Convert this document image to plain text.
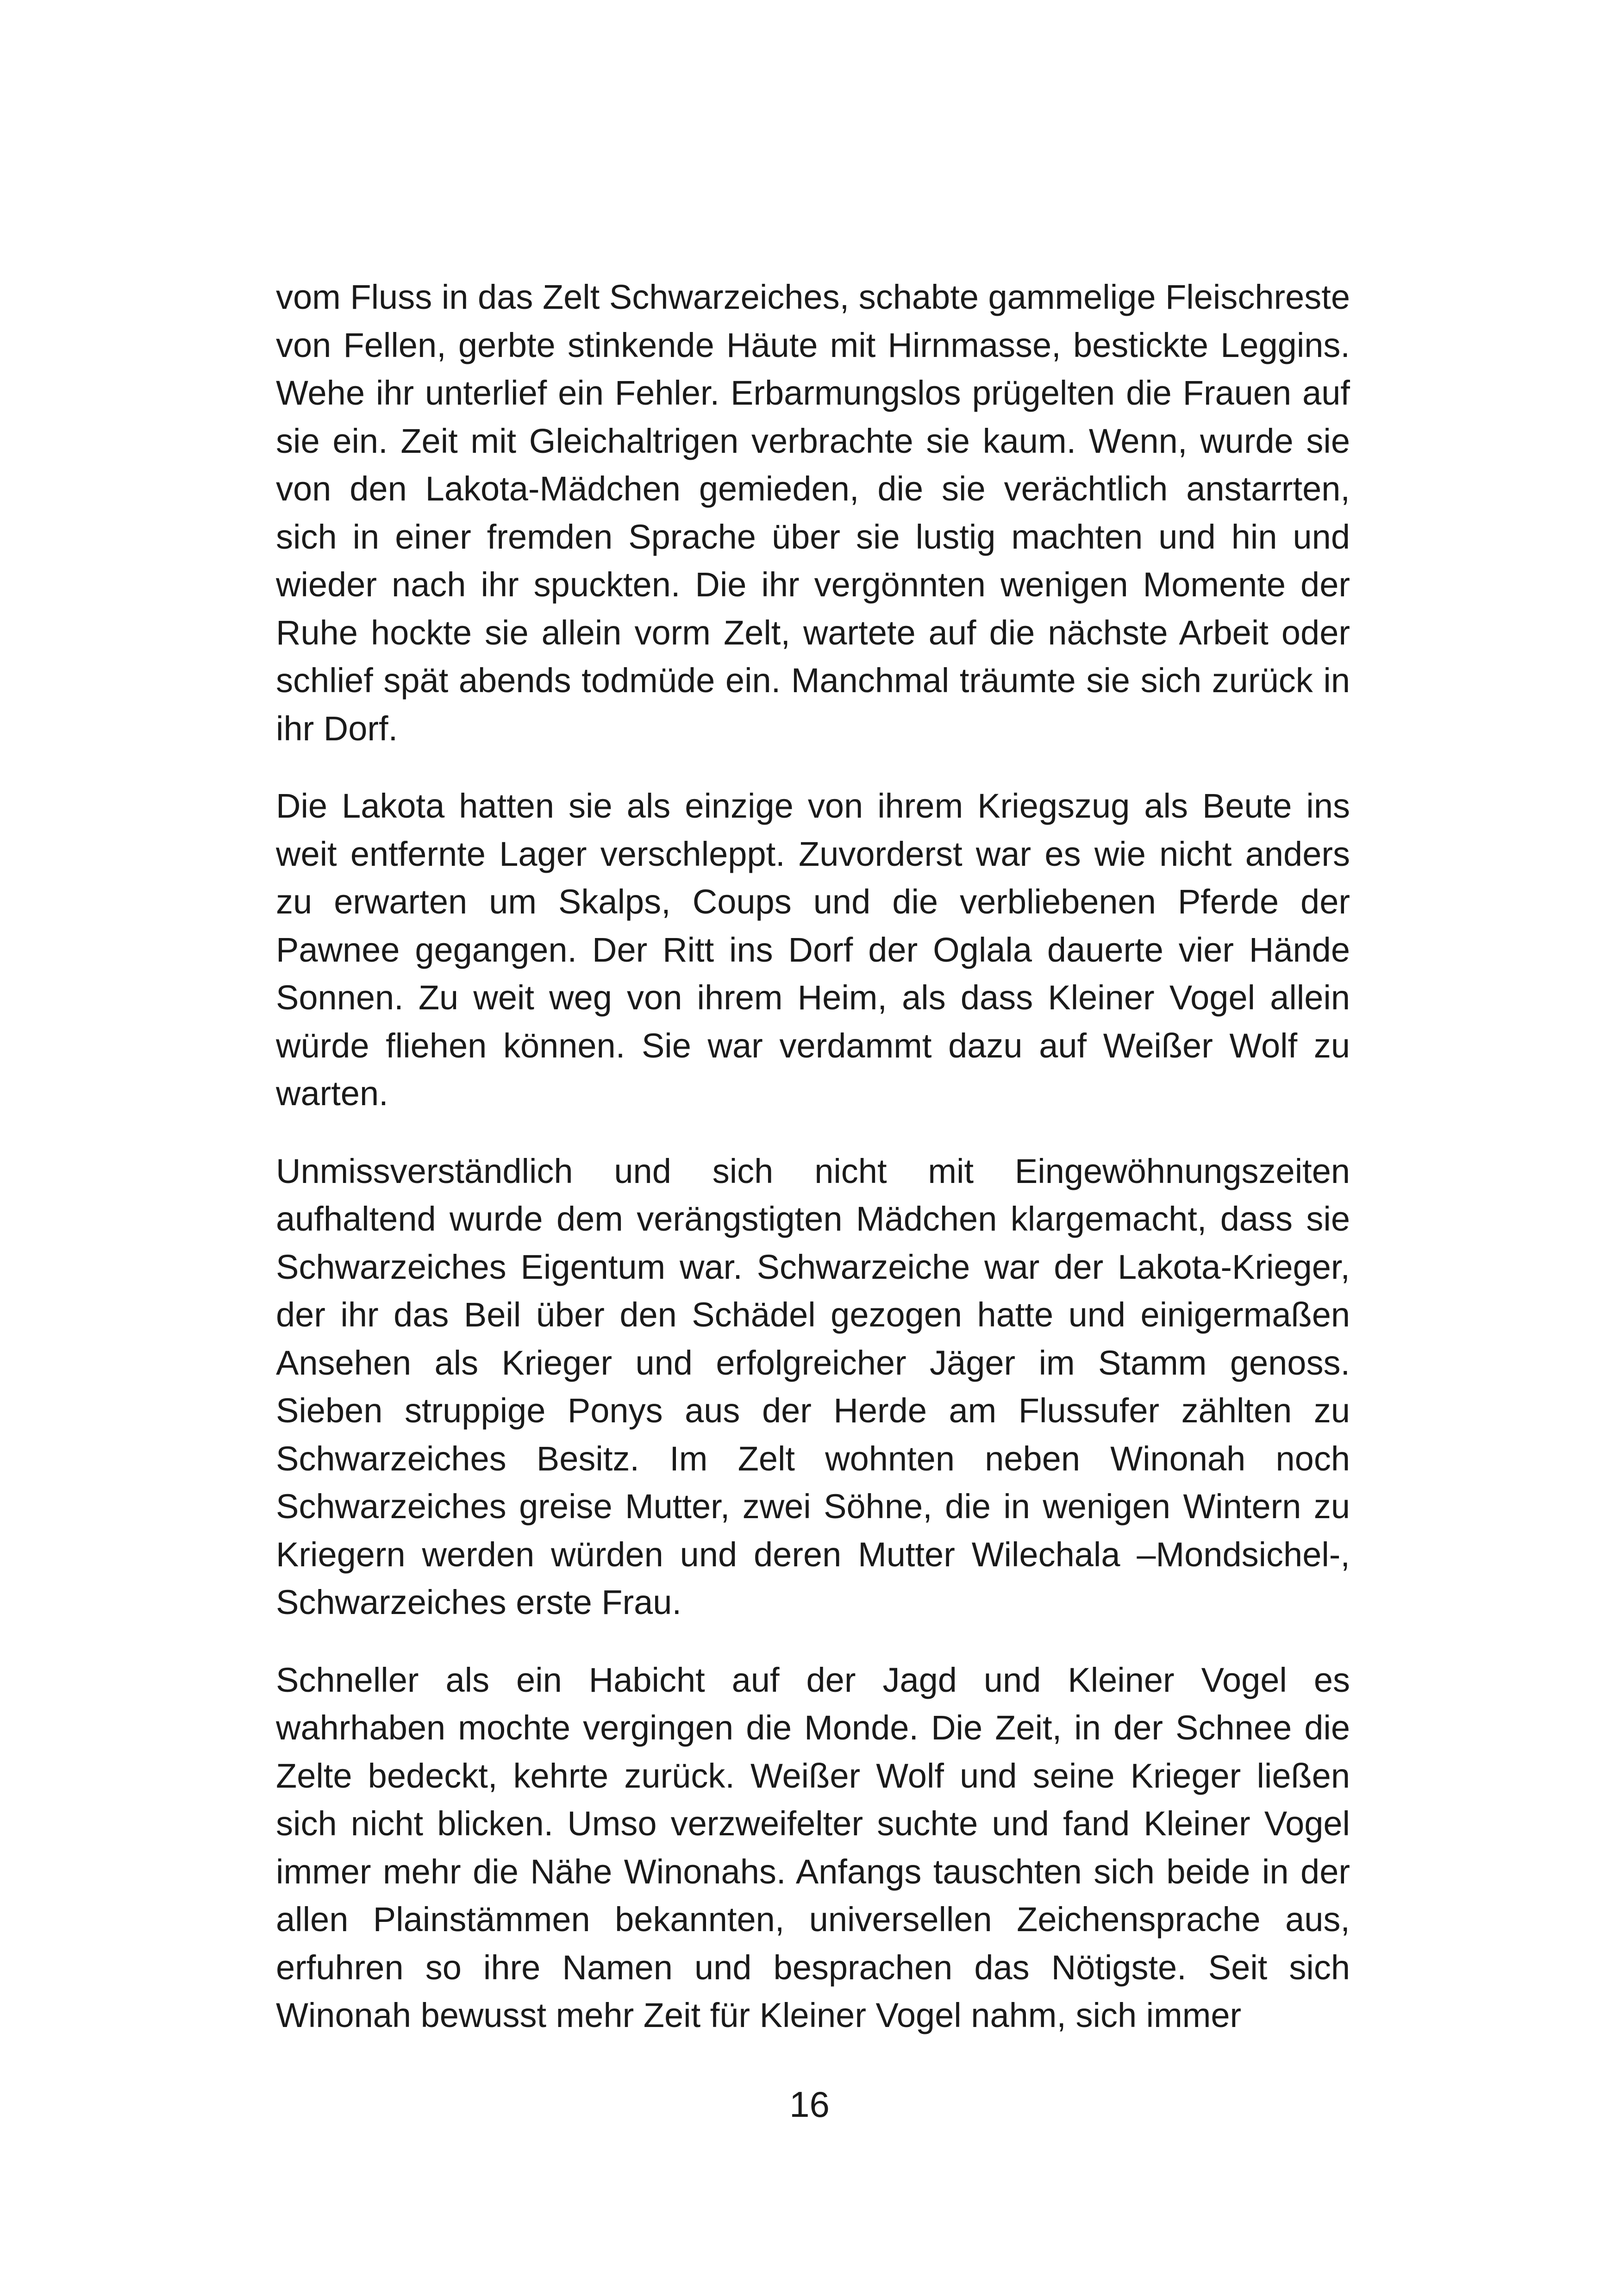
vom Fluss in das Zelt Schwarzeiches, schabte gammelige Fleischreste von Fellen, gerbte stinkende Häute mit Hirnmasse, bestickte Leggins. Wehe ihr unterlief ein Fehler. Erbarmungslos prügelten die Frauen auf sie ein. Zeit mit Gleichaltrigen verbrachte sie kaum. Wenn, wurde sie von den Lakota-Mädchen gemieden, die sie verächtlich anstarrten, sich in einer fremden Sprache über sie lustig machten und hin und wieder nach ihr spuckten. Die ihr vergönnten wenigen Momente der Ruhe hockte sie allein vorm Zelt, wartete auf die nächste Arbeit oder schlief spät abends todmüde ein. Manchmal träumte sie sich zurück in ihr Dorf.

Die Lakota hatten sie als einzige von ihrem Kriegszug als Beute ins weit entfernte Lager verschleppt. Zuvorderst war es wie nicht anders zu erwarten um Skalps, Coups und die verbliebenen Pferde der Pawnee gegangen. Der Ritt ins Dorf der Oglala dauerte vier Hände Sonnen. Zu weit weg von ihrem Heim, als dass Kleiner Vogel allein würde fliehen können. Sie war verdammt dazu auf Weißer Wolf zu warten.

Unmissverständlich und sich nicht mit Eingewöhnungszeiten aufhaltend wurde dem verängstigten Mädchen klargemacht, dass sie Schwarzeiches Eigentum war. Schwarzeiche war der Lakota-Krieger, der ihr das Beil über den Schädel gezogen hatte und einigermaßen Ansehen als Krieger und erfolgreicher Jäger im Stamm genoss. Sieben struppige Ponys aus der Herde am Flussufer zählten zu Schwarzeiches Besitz. Im Zelt wohnten neben Winonah noch Schwarzeiches greise Mutter, zwei Söhne, die in wenigen Wintern zu Kriegern werden würden und deren Mutter Wilechala –Mondsichel-, Schwarzeiches erste Frau.

Schneller als ein Habicht auf der Jagd und Kleiner Vogel es wahrhaben mochte vergingen die Monde. Die Zeit, in der Schnee die Zelte bedeckt, kehrte zurück. Weißer Wolf und seine Krieger ließen sich nicht blicken. Umso verzweifelter suchte und fand Kleiner Vogel immer mehr die Nähe Winonahs. Anfangs tauschten sich beide in der allen Plainstämmen bekannten, universellen Zeichensprache aus, erfuhren so ihre Namen und besprachen das Nötigste. Seit sich Winonah bewusst mehr Zeit für Kleiner Vogel nahm, sich immer

16
